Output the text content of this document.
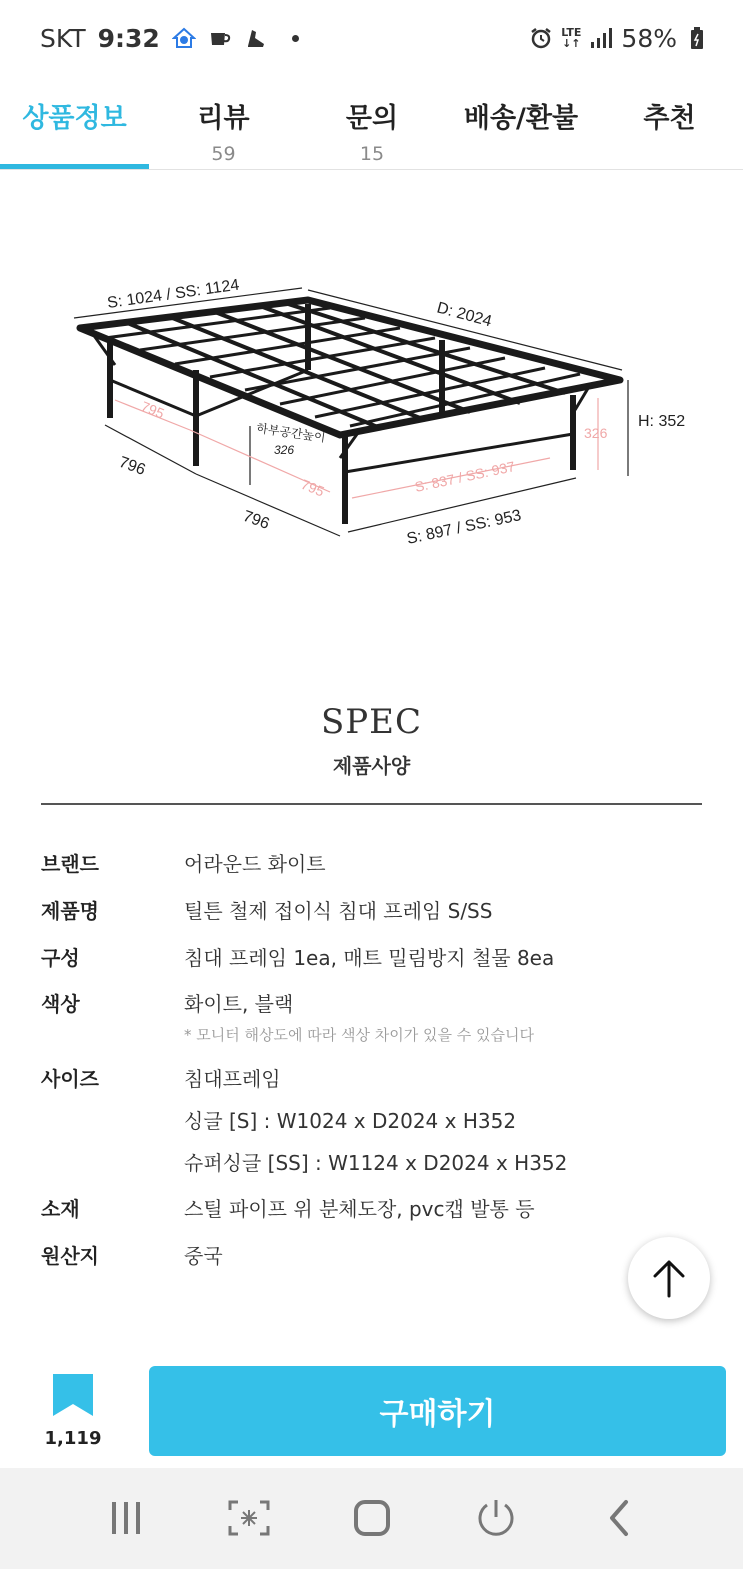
SKT 9:32	LTE
↓↑ 58%
상품정보	리뷰
59
문의
15
배송/환불	추천
S: 1024 / SS: 1124
D: 2024
H: 352
796
796
하부공간높이
326
S: 897 / SS: 953
795
795	S: 837 / SS: 937
326
SPEC
제품사양
브랜드	어라운드 화이트
제품명	틸튼 철제 접이식 침대 프레임 S/SS
구성	침대 프레임 1ea, 매트 밀림방지 철물 8ea
색상	화이트, 블랙
* 모니터 해상도에 따라 색상 차이가 있을 수 있습니다
사이즈	침대프레임
싱글 [S] : W1024 x D2024 x H352
슈퍼싱글 [SS] : W1124 x D2024 x H352
소재	스틸 파이프 위 분체도장, pvc캡 발통 등
원산지	중국
1,119
구매하기
